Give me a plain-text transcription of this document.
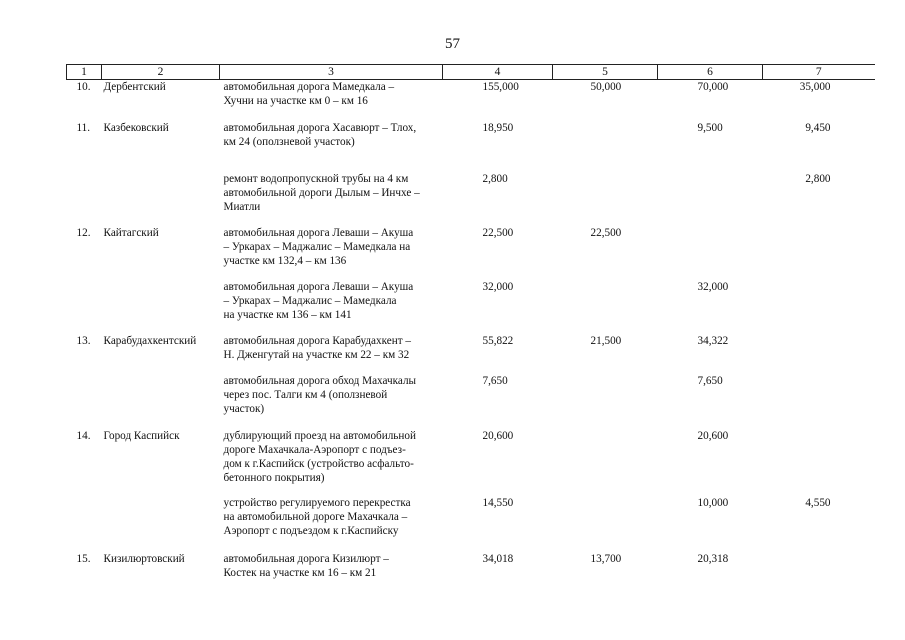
57
1	2	3	4	5	6	7
10.	Дербентский	автомобильная дорога Мамедкала –
Хучни на участке км 0 – км 16	155,000	50,000	70,000	35,000
11.	Казбековский	автомобильная дорога Хасавюрт – Тлох,
км 24 (оползневой участок)	18,950		9,500	9,450

		ремонт водопропускной трубы на 4 км
автомобильной дороги Дылым – Инчхе –
Миатли	2,800			2,800
12.	Кайтагский	автомобильная дорога Леваши – Акуша
– Уркарах – Маджалис – Мамедкала на
участке км 132,4 – км 136	22,500	22,500		

		автомобильная дорога Леваши – Акуша
– Уркарах – Маджалис – Мамедкала
на участке км 136 – км 141	32,000		32,000	
13.	Карабудахкентский	автомобильная дорога Карабудахкент –
Н. Дженгутай на участке км 22 – км 32	55,822	21,500	34,322	

		автомобильная дорога обход Махачкалы
через пос. Талги км 4 (оползневой
участок)	7,650		7,650	
14.	Город Каспийск	дублирующий проезд на автомобильной
дороге Махачкала-Аэропорт с подъез-
дом к г.Каспийск (устройство асфальто-
бетонного покрытия)	20,600		20,600	

		устройство регулируемого перекрестка
на автомобильной дороге Махачкала –
Аэропорт с подъездом к г.Каспийску	14,550		10,000	4,550
15.	Кизилюртовский	автомобильная дорога Кизилюрт –
Костек на участке км 16 – км 21	34,018	13,700	20,318	
